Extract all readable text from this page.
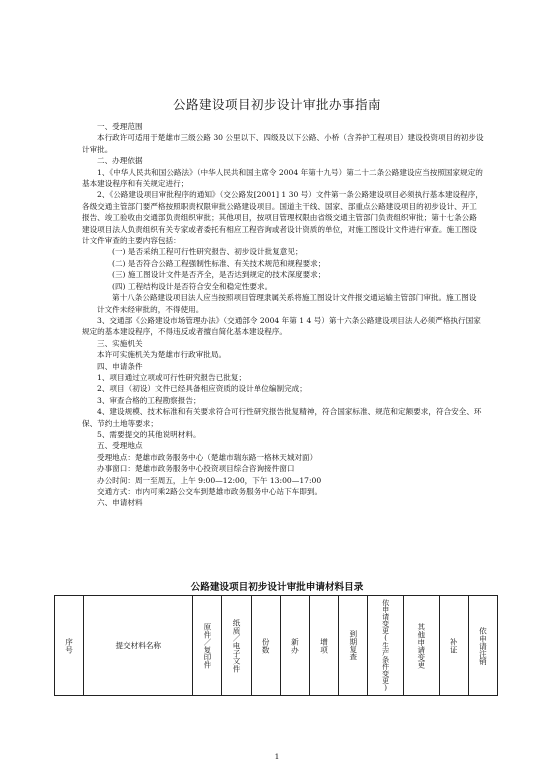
公路建设项目初步设计审批办事指南

一、受理范围

本行政许可适用于楚雄市三级公路 30 公里以下、四级及以下公路、小桥（含养护工程项目）建设投资项目的初步设计审批。

二、办理依据

1、《中华人民共和国公路法》（中华人民共和国主席令 2004 年第十九号）第二十二条公路建设应当按照国家规定的基本建设程序和有关规定进行；

2、《公路建设项目审批程序的通知》（交公路发[2001] 1 30 号）文件第一条公路建设项目必须执行基本建设程序，各级交通主管部门要严格按照职责权限审批公路建设项目。国道主干线、国家、部重点公路建设项目的初步设计、开工报告、竣工验收由交通部负责组织审批；其他项目，按项目管理权限由省级交通主管部门负责组织审批；第十七条公路建设项目法人负责组织有关专家或者委托有相应工程咨询或者设计资质的单位，对施工图设计文件进行审查。施工图设计文件审查的主要内容包括：

(一) 是否采纳工程可行性研究报告、初步设计批复意见；

(二) 是否符合公路工程强制性标准、有关技术规范和规程要求；

(三) 施工图设计文件是否齐全，是否达到规定的技术深度要求；

(四) 工程结构设计是否符合安全和稳定性要求。

第十八条公路建设项目法人应当按照项目管理隶属关系将施工图设计文件报交通运输主管部门审批。施工图设计文件未经审批的，不得使用。

3、交通部《公路建设市场管理办法》（交通部令 2004 年第 1 4 号）第十六条公路建设项目法人必须严格执行国家规定的基本建设程序，不得违反或者擅自简化基本建设程序。

三、实施机关

本许可实施机关为楚雄市行政审批局。

四、申请条件

1、项目通过立项或可行性研究报告已批复；

2、项目（初设）文件已经具备相应资质的设计单位编制完成；

3、审查合格的工程勘察报告；

4、建设规模、技术标准和有关要求符合可行性研究报告批复精神，符合国家标准、规范和定额要求，符合安全、环保、节约土地等要求；

5、需要提交的其他说明材料。

五、受理地点

受理地点：楚雄市政务服务中心（楚雄市瑞东路一格林天城对面）

办事窗口：楚雄市政务服务中心投资项目综合咨询接件窗口

办公时间：周一至周五，上午 9:00—12:00，下午 13:00—17:00

交通方式：市内可乘2路公交车到楚雄市政务服务中心站下车即到。

六、申请材料

公路建设项目初步设计审批申请材料目录
序号	提交材料名称	原件／复印件	纸质／电子文件	份数	新办	增项	到期复查	依申请变更(生产条件变更)	其他申请变更	补证	依申请注销
1
